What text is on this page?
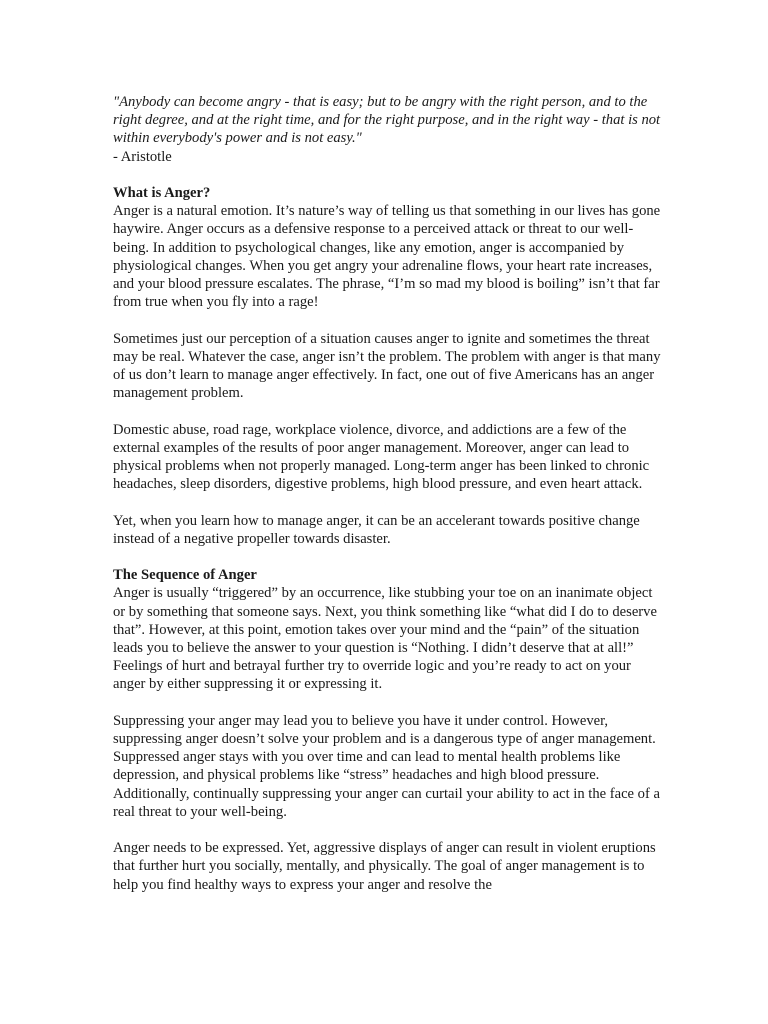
"Anybody can become angry - that is easy; but to be angry with the right person, and to the right degree, and at the right time, and for the right purpose, and in the right way - that is not within everybody's power and is not easy."
- Aristotle
What is Anger?

Anger is a natural emotion. It’s nature’s way of telling us that something in our lives has gone haywire. Anger occurs as a defensive response to a perceived attack or threat to our well-being. In addition to psychological changes, like any emotion, anger is accompanied by physiological changes. When you get angry your adrenaline flows, your heart rate increases, and your blood pressure escalates. The phrase, “I’m so mad my blood is boiling” isn’t that far from true when you fly into a rage!

Sometimes just our perception of a situation causes anger to ignite and sometimes the threat may be real. Whatever the case, anger isn’t the problem. The problem with anger is that many of us don’t learn to manage anger effectively. In fact, one out of five Americans has an anger management problem.

Domestic abuse, road rage, workplace violence, divorce, and addictions are a few of the external examples of the results of poor anger management. Moreover, anger can lead to physical problems when not properly managed. Long-term anger has been linked to chronic headaches, sleep disorders, digestive problems, high blood pressure, and even heart attack.

Yet, when you learn how to manage anger, it can be an accelerant towards positive change instead of a negative propeller towards disaster.

The Sequence of Anger

Anger is usually “triggered” by an occurrence, like stubbing your toe on an inanimate object or by something that someone says. Next, you think something like “what did I do to deserve that”. However, at this point, emotion takes over your mind and the “pain” of the situation leads you to believe the answer to your question is “Nothing. I didn’t deserve that at all!” Feelings of hurt and betrayal further try to override logic and you’re ready to act on your anger by either suppressing it or expressing it.

Suppressing your anger may lead you to believe you have it under control. However, suppressing anger doesn’t solve your problem and is a dangerous type of anger management. Suppressed anger stays with you over time and can lead to mental health problems like depression, and physical problems like “stress” headaches and high blood pressure. Additionally, continually suppressing your anger can curtail your ability to act in the face of a real threat to your well-being.

Anger needs to be expressed. Yet, aggressive displays of anger can result in violent eruptions that further hurt you socially, mentally, and physically. The goal of anger management is to help you find healthy ways to express your anger and resolve the
